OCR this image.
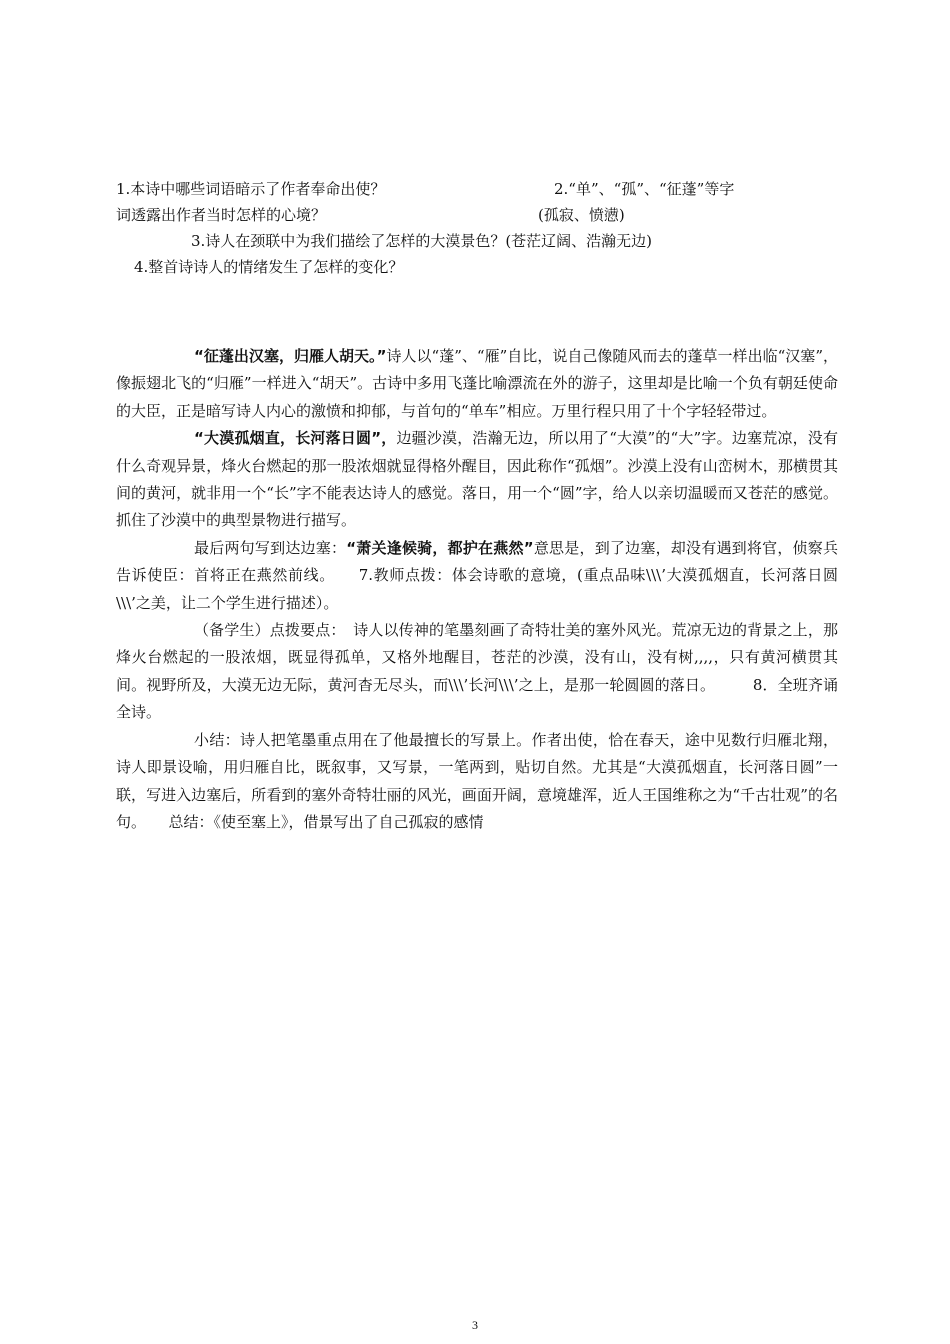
1.本诗中哪些词语暗示了作者奉命出使？	2.“单”、“孤”、“征蓬”等字
词透露出作者当时怎样的心境？	(孤寂、愤懑)
3.诗人在颈联中为我们描绘了怎样的大漠景色？(苍茫辽阔、浩瀚无边)
4.整首诗诗人的情绪发生了怎样的变化？

“征蓬出汉塞，归雁人胡天。”诗人以“蓬”、“雁”自比，说自己像随风而去的蓬草一样出临“汉塞”，像振翅北飞的“归雁”一样进入“胡天”。古诗中多用飞蓬比喻漂流在外的游子，这里却是比喻一个负有朝廷使命的大臣，正是暗写诗人内心的激愤和抑郁，与首句的“单车”相应。万里行程只用了十个字轻轻带过。

“大漠孤烟直，长河落日圆”，边疆沙漠，浩瀚无边，所以用了“大漠”的“大”字。边塞荒凉，没有什么奇观异景，烽火台燃起的那一股浓烟就显得格外醒目，因此称作“孤烟”。沙漠上没有山峦树木，那横贯其间的黄河，就非用一个“长”字不能表达诗人的感觉。落日，用一个“圆”字，给人以亲切温暖而又苍茫的感觉。抓住了沙漠中的典型景物进行描写。

最后两句写到达边塞：“萧关逢候骑，都护在燕然”意思是，到了边塞，却没有遇到将官，侦察兵告诉使臣：首将正在燕然前线。　　7.教师点拨：体会诗歌的意境，(重点品味\\\’大漠孤烟直，长河落日圆\\\’之美，让二个学生进行描述）。

（备学生）点拨要点：　诗人以传神的笔墨刻画了奇特壮美的塞外风光。荒凉无边的背景之上，那烽火台燃起的一股浓烟，既显得孤单，又格外地醒目，苍茫的沙漠，没有山，没有树,,,,，只有黄河横贯其间。视野所及，大漠无边无际，黄河杳无尽头，而\\\’长河\\\’之上，是那一轮圆圆的落日。　　　8．全班齐诵全诗。

小结：诗人把笔墨重点用在了他最擅长的写景上。作者出使，恰在春天，途中见数行归雁北翔，诗人即景设喻，用归雁自比，既叙事，又写景，一笔两到，贴切自然。尤其是“大漠孤烟直，长河落日圆”一联，写进入边塞后，所看到的塞外奇特壮丽的风光，画面开阔，意境雄浑，近人王国维称之为“千古壮观”的名句。　　总结：《使至塞上》，借景写出了自己孤寂的感情

3
